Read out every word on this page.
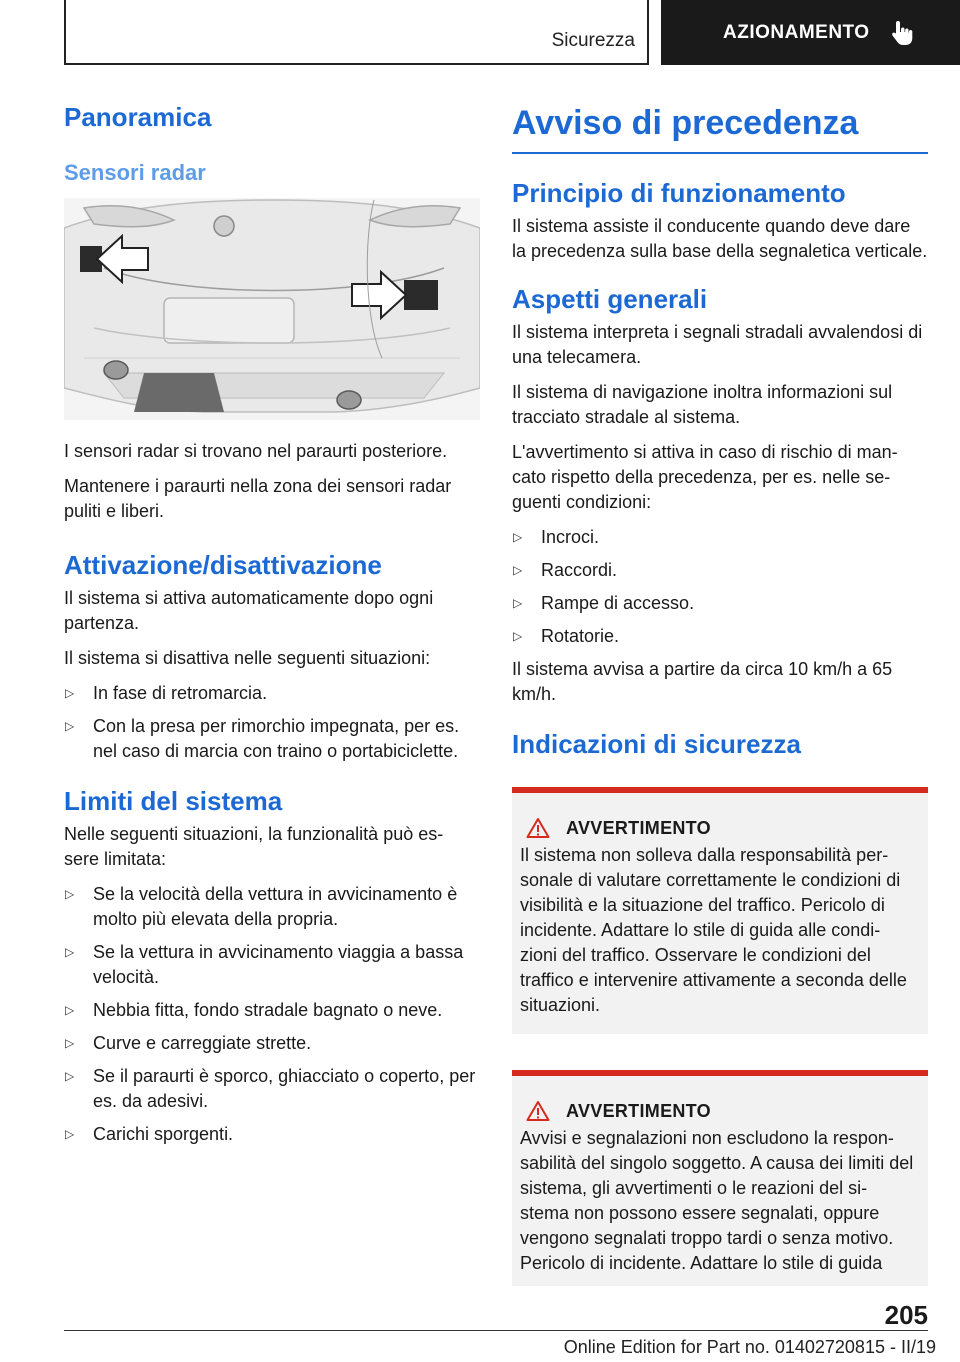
Sicurezza	AZIONAMENTO
Panoramica
Sensori radar

I sensori radar si trovano nel paraurti posteriore.

Mantenere i paraurti nella zona dei sensori radar puliti e liberi.

Attivazione/disattivazione

Il sistema si attiva automaticamente dopo ogni partenza.

Il sistema si disattiva nelle seguenti situazioni:

▷ In fase di retromarcia.
▷ Con la presa per rimorchio impegnata, per es. nel caso di marcia con traino o portabiciclette.
Limiti del sistema

Nelle seguenti situazioni, la funzionalità può es‐ sere limitata:

▷ Se la velocità della vettura in avvicinamento è molto più elevata della propria.
▷ Se la vettura in avvicinamento viaggia a bassa velocità.
▷ Nebbia fitta, fondo stradale bagnato o neve.
▷ Curve e carreggiate strette.
▷ Se il paraurti è sporco, ghiacciato o coperto, per es. da adesivi.
▷ Carichi sporgenti.
Avviso di precedenza
Principio di funzionamento

Il sistema assiste il conducente quando deve dare la precedenza sulla base della segnaletica verticale.

Aspetti generali

Il sistema interpreta i segnali stradali avvalendosi di una telecamera.

Il sistema di navigazione inoltra informazioni sul tracciato stradale al sistema.

L'avvertimento si attiva in caso di rischio di man‐ cato rispetto della precedenza, per es. nelle se‐ guenti condizioni:

▷ Incroci.
▷ Raccordi.
▷ Rampe di accesso.
▷ Rotatorie.

Il sistema avvisa a partire da circa 10 km/h a 65 km/h.

Indicazioni di sicurezza
AVVERTIMENTO

Il sistema non solleva dalla responsabilità per‐ sonale di valutare correttamente le condizioni di visibilità e la situazione del traffico. Pericolo di incidente. Adattare lo stile di guida alle condi‐ zioni del traffico. Osservare le condizioni del traffico e intervenire attivamente a seconda delle situazioni.

AVVERTIMENTO

Avvisi e segnalazioni non escludono la respon‐ sabilità del singolo soggetto. A causa dei limiti del sistema, gli avvertimenti o le reazioni del si‐ stema non possono essere segnalati, oppure vengono segnalati troppo tardi o senza motivo. Pericolo di incidente. Adattare lo stile di guida

205
Online Edition for Part no. 01402720815 - II/19
